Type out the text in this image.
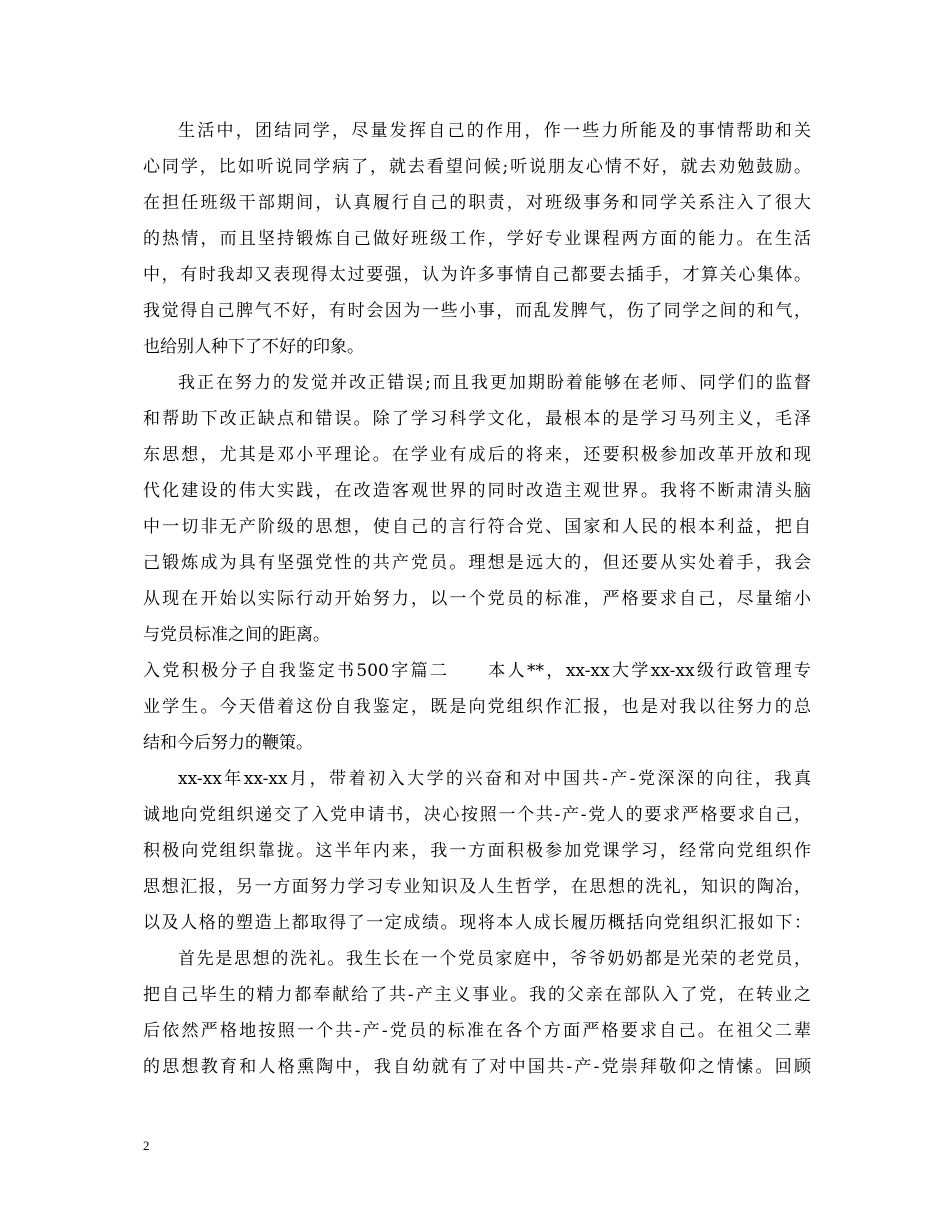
生活中，团结同学，尽量发挥自己的作用，作一些力所能及的事情帮助和关
心同学，比如听说同学病了，就去看望问候;听说朋友心情不好，就去劝勉鼓励。
在担任班级干部期间，认真履行自己的职责，对班级事务和同学关系注入了很大
的热情，而且坚持锻炼自己做好班级工作，学好专业课程两方面的能力。在生活
中，有时我却又表现得太过要强，认为许多事情自己都要去插手，才算关心集体。
我觉得自己脾气不好，有时会因为一些小事，而乱发脾气，伤了同学之间的和气，
也给别人种下了不好的印象。
我正在努力的发觉并改正错误;而且我更加期盼着能够在老师、同学们的监督
和帮助下改正缺点和错误。除了学习科学文化，最根本的是学习马列主义，毛泽
东思想，尤其是邓小平理论。在学业有成后的将来，还要积极参加改革开放和现
代化建设的伟大实践，在改造客观世界的同时改造主观世界。我将不断肃清头脑
中一切非无产阶级的思想，使自己的言行符合党、国家和人民的根本利益，把自
己锻炼成为具有坚强党性的共产党员。理想是远大的，但还要从实处着手，我会
从现在开始以实际行动开始努力，以一个党员的标准，严格要求自己，尽量缩小
与党员标准之间的距离。
入党积极分子自我鉴定书500字篇二　　本人**，xx-xx大学xx-xx级行政管理专
业学生。今天借着这份自我鉴定，既是向党组织作汇报，也是对我以往努力的总
结和今后努力的鞭策。
xx-xx年xx-xx月，带着初入大学的兴奋和对中国共-产-党深深的向往，我真
诚地向党组织递交了入党申请书，决心按照一个共-产-党人的要求严格要求自己，
积极向党组织靠拢。这半年内来，我一方面积极参加党课学习，经常向党组织作
思想汇报，另一方面努力学习专业知识及人生哲学，在思想的洗礼，知识的陶冶，
以及人格的塑造上都取得了一定成绩。现将本人成长履历概括向党组织汇报如下：
首先是思想的洗礼。我生长在一个党员家庭中，爷爷奶奶都是光荣的老党员，
把自己毕生的精力都奉献给了共-产主义事业。我的父亲在部队入了党，在转业之
后依然严格地按照一个共-产-党员的标准在各个方面严格要求自己。在祖父二辈
的思想教育和人格熏陶中，我自幼就有了对中国共-产-党崇拜敬仰之情愫。回顾
2
